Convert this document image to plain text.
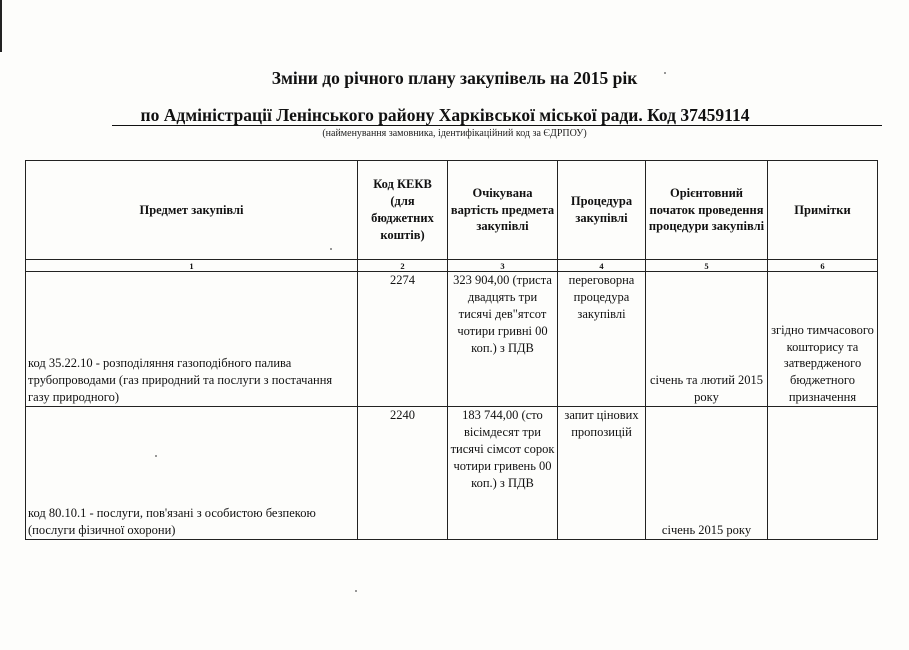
Зміни до річного плану закупівель на 2015 рік
по Адміністрації Ленінського району Харківської міської ради. Код 37459114
(найменування замовника, ідентифікаційний код за ЄДРПОУ)
Предмет закупівлі	Код КЕКВ (для бюджетних коштів)	Очікувана вартість предмета закупівлі	Процедура закупівлі	Орієнтовний початок проведення процедури закупівлі	Примітки
1	2	3	4	5	6
код 35.22.10 - розподіляння газоподібного палива трубопроводами (газ природний та послуги з постачання газу природного)	2274	323 904,00 (триста двадцять три тисячі дев"ятсот чотири гривні 00 коп.) з ПДВ	переговорна процедура закупівлі	січень та лютий 2015 року	згідно тимчасового кошторису та затвердженого бюджетного призначення
код 80.10.1 - послуги, пов'язані з особистою безпекою (послуги фізичної охорони)	2240	183 744,00 (сто вісімдесят три тисячі сімсот сорок чотири гривень 00 коп.) з ПДВ	запит цінових пропозицій	січень 2015 року	
